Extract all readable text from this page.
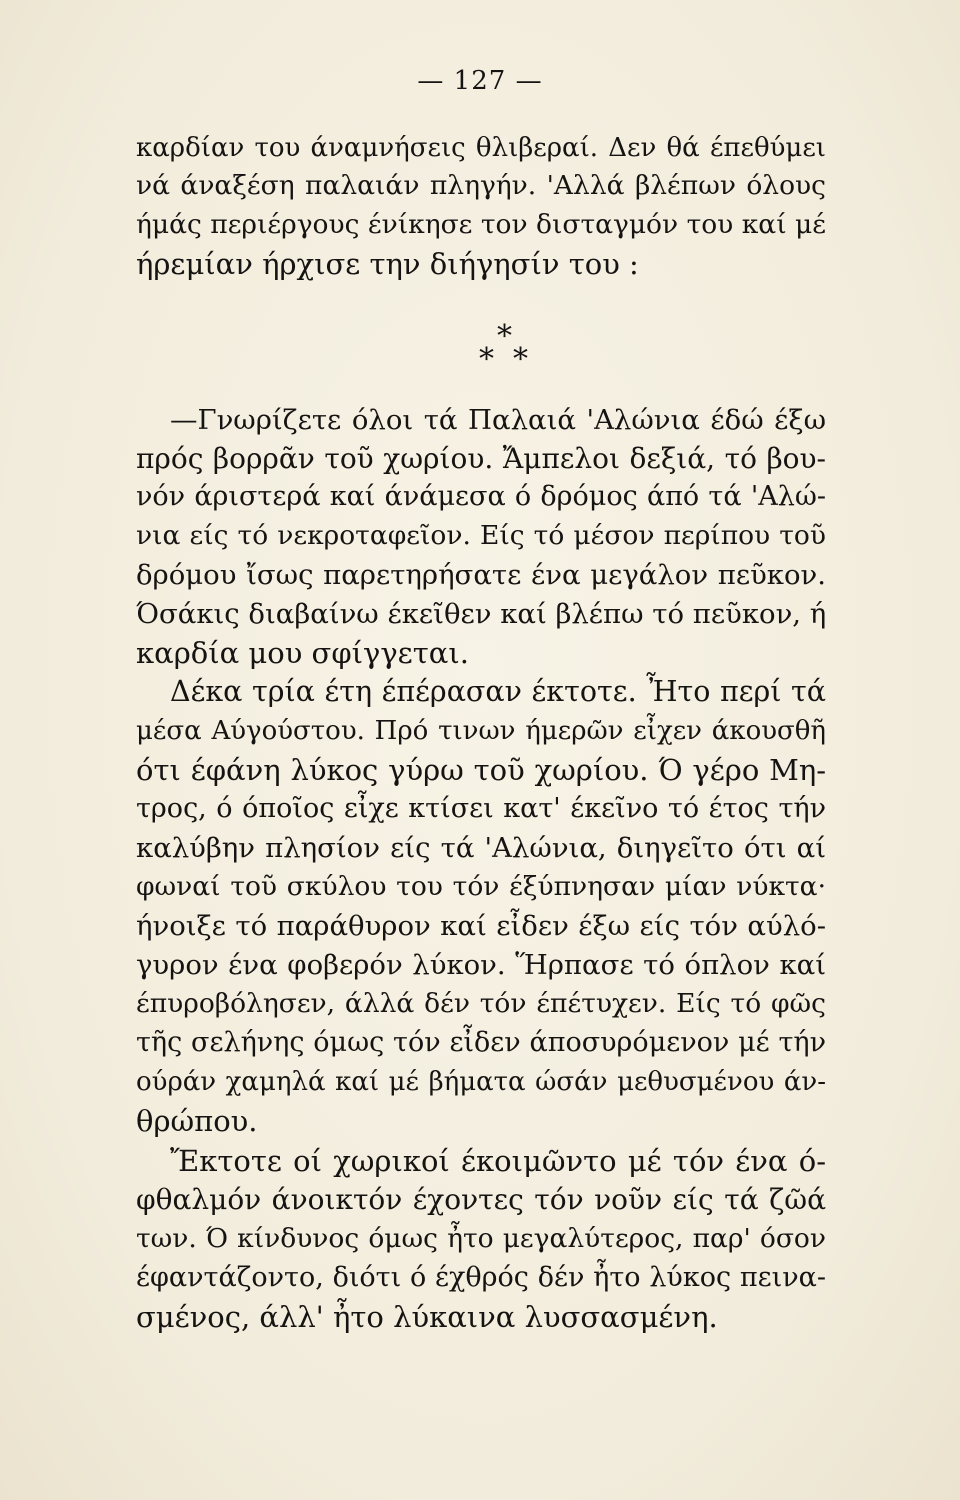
— 127 —
καρδίαν του άναμνήσεις θλιβεραί. Δεν θά έπεθύμει
νά άναξέση παλαιάν πληγήν. 'Αλλά βλέπων όλους
ήμάς περιέργους ένίκησε τον δισταγμόν του καί μέ
ήρεμίαν ήρχισε την διήγησίν του :
*
* *
—Γνωρίζετε όλοι τά Παλαιά 'Αλώνια έδώ έξω
πρός βορρᾶν τοῦ χωρίου. Ἄμπελοι δεξιά, τό βου-
νόν άριστερά καί άνάμεσα ό δρόμος άπό τά 'Αλώ-
νια είς τό νεκροταφεῖον. Είς τό μέσον περίπου τοῦ
δρόμου ἴσως παρετηρήσατε ένα μεγάλον πεῦκον.
Όσάκις διαβαίνω έκεῖθεν καί βλέπω τό πεῦκον, ή
καρδία μου σφίγγεται.
Δέκα τρία έτη έπέρασαν έκτοτε. Ἦτο περί τά
μέσα Αύγούστου. Πρό τινων ήμερῶν εἶχεν άκουσθῆ
ότι έφάνη λύκος γύρω τοῦ χωρίου. Ό γέρο Μη-
τρος, ό όποῖος εἶχε κτίσει κατ' έκεῖνο τό έτος τήν
καλύβην πλησίον είς τά 'Αλώνια, διηγεῖτο ότι αί
φωναί τοῦ σκύλου του τόν έξύπνησαν μίαν νύκτα·
ήνοιξε τό παράθυρον καί εἶδεν έξω είς τόν αύλό-
γυρον ένα φοβερόν λύκον. Ἥρπασε τό όπλον καί
έπυροβόλησεν, άλλά δέν τόν έπέτυχεν. Είς τό φῶς
τῆς σελήνης όμως τόν εἶδεν άποσυρόμενον μέ τήν
ούράν χαμηλά καί μέ βήματα ώσάν μεθυσμένου άν-
θρώπου.
Ἔκτοτε οί χωρικοί έκοιμῶντο μέ τόν ένα ό-
φθαλμόν άνοικτόν έχοντες τόν νοῦν είς τά ζῶά
των. Ό κίνδυνος όμως ἦτο μεγαλύτερος, παρ' όσον
έφαντάζοντο, διότι ό έχθρός δέν ἦτο λύκος πεινα-
σμένος, άλλ' ἦτο λύκαινα λυσσασμένη.
